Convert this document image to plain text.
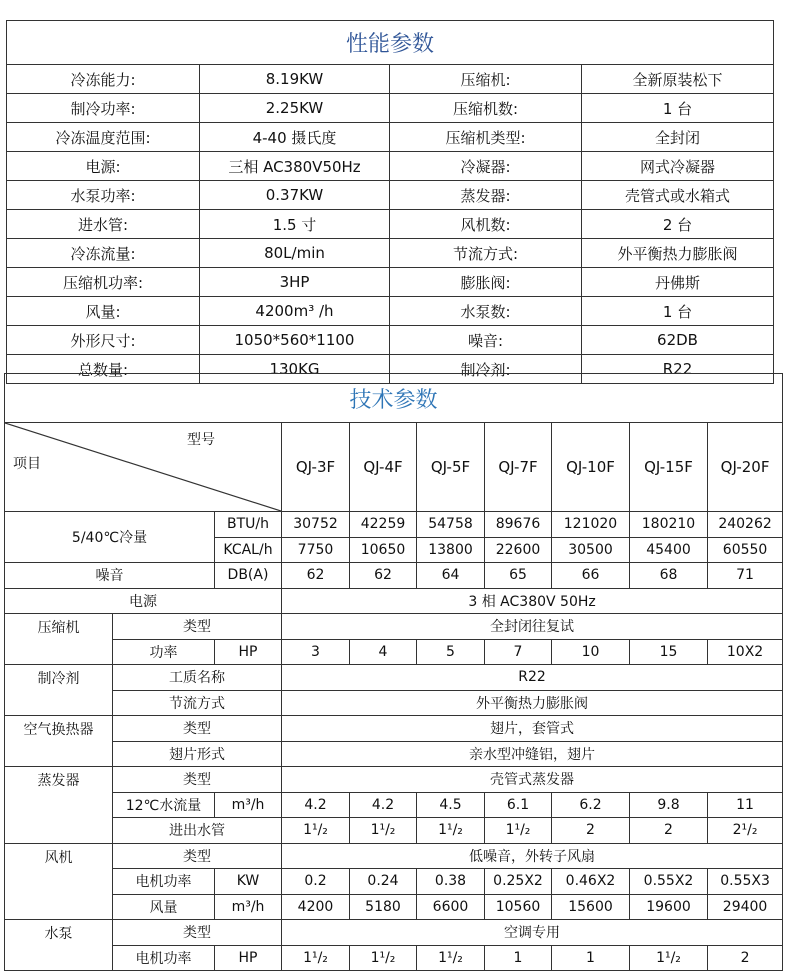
性能参数			
冷冻能力:	8.19KW	压缩机:	全新原装松下
制冷功率:	2.25KW	压缩机数:	1 台
冷冻温度范围:	4-40 摄氏度	压缩机类型:	全封闭
电源:	三相 AC380V50Hz	冷凝器:	网式冷凝器
水泵功率:	0.37KW	蒸发器:	壳管式或水箱式
进水管:	1.5 寸	风机数:	2 台
冷冻流量:	80L/min	节流方式:	外平衡热力膨胀阀
压缩机功率:	3HP	膨胀阀:	丹佛斯
风量:	4200m³ /h	水泵数:	1 台
外形尺寸:	1050*560*1100	噪音:	62DB
总数量:	130KG	制冷剂:	R22
技术参数									

型号
项目			QJ-3F	QJ-4F	QJ-5F	QJ-7F	QJ-10F	QJ-15F	QJ-20F
5/40℃冷量		BTU/h	30752	42259	54758	89676	121020	180210	240262
		KCAL/h	7750	10650	13800	22600	30500	45400	60550
噪音		DB(A)	62	62	64	65	66	68	71
电源			3 相 AC380V 50Hz						
压缩机	类型		全封闭往复试						
	功率	HP	3	4	5	7	10	15	10X2
制冷剂	工质名称		R22						
	节流方式		外平衡热力膨胀阀						
空气换热器	类型		翅片，套管式						
	翅片形式		亲水型冲缝铝，翅片						
蒸发器	类型		壳管式蒸发器						
	12℃水流量	m³/h	4.2	4.2	4.5	6.1	6.2	9.8	11
	进出水管		1¹/₂	1¹/₂	1¹/₂	1¹/₂	2	2	2¹/₂
风机	类型		低噪音，外转子风扇						
	电机功率	KW	0.2	0.24	0.38	0.25X2	0.46X2	0.55X2	0.55X3
	风量	m³/h	4200	5180	6600	10560	15600	19600	29400
水泵	类型		空调专用						
	电机功率	HP	1¹/₂	1¹/₂	1¹/₂	1	1	1¹/₂	2
